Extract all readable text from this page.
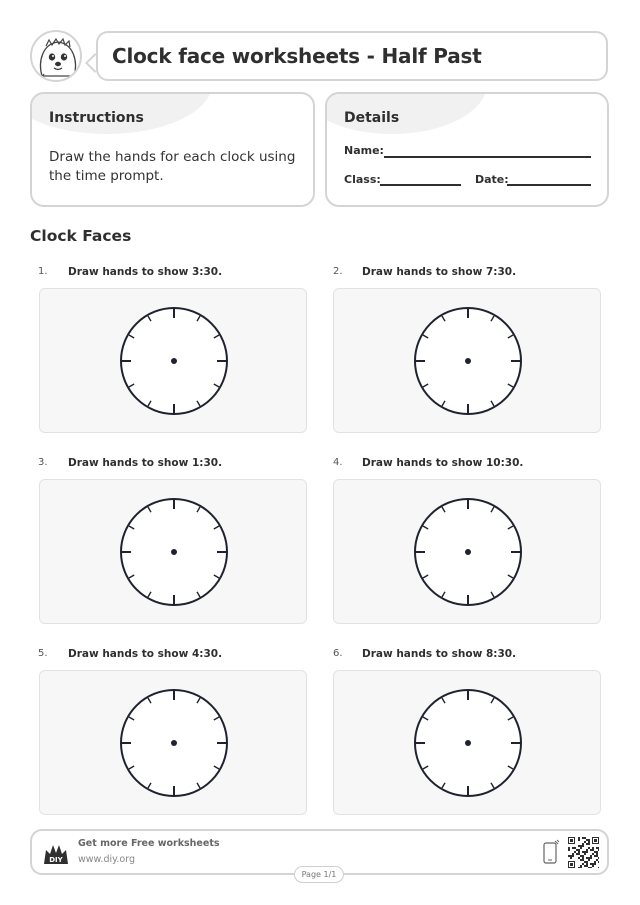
Clock face worksheets - Half Past
Instructions
Draw the hands for each clock using the time prompt.
Details
Name:
Class:	Date:
Clock Faces
1. Draw hands to show 3:30.	2. Draw hands to show 7:30.
3. Draw hands to show 1:30.	4. Draw hands to show 10:30.
5. Draw hands to show 4:30.	6. Draw hands to show 8:30.
DIY
Get more Free worksheets
www.diy.org
Page 1/1
